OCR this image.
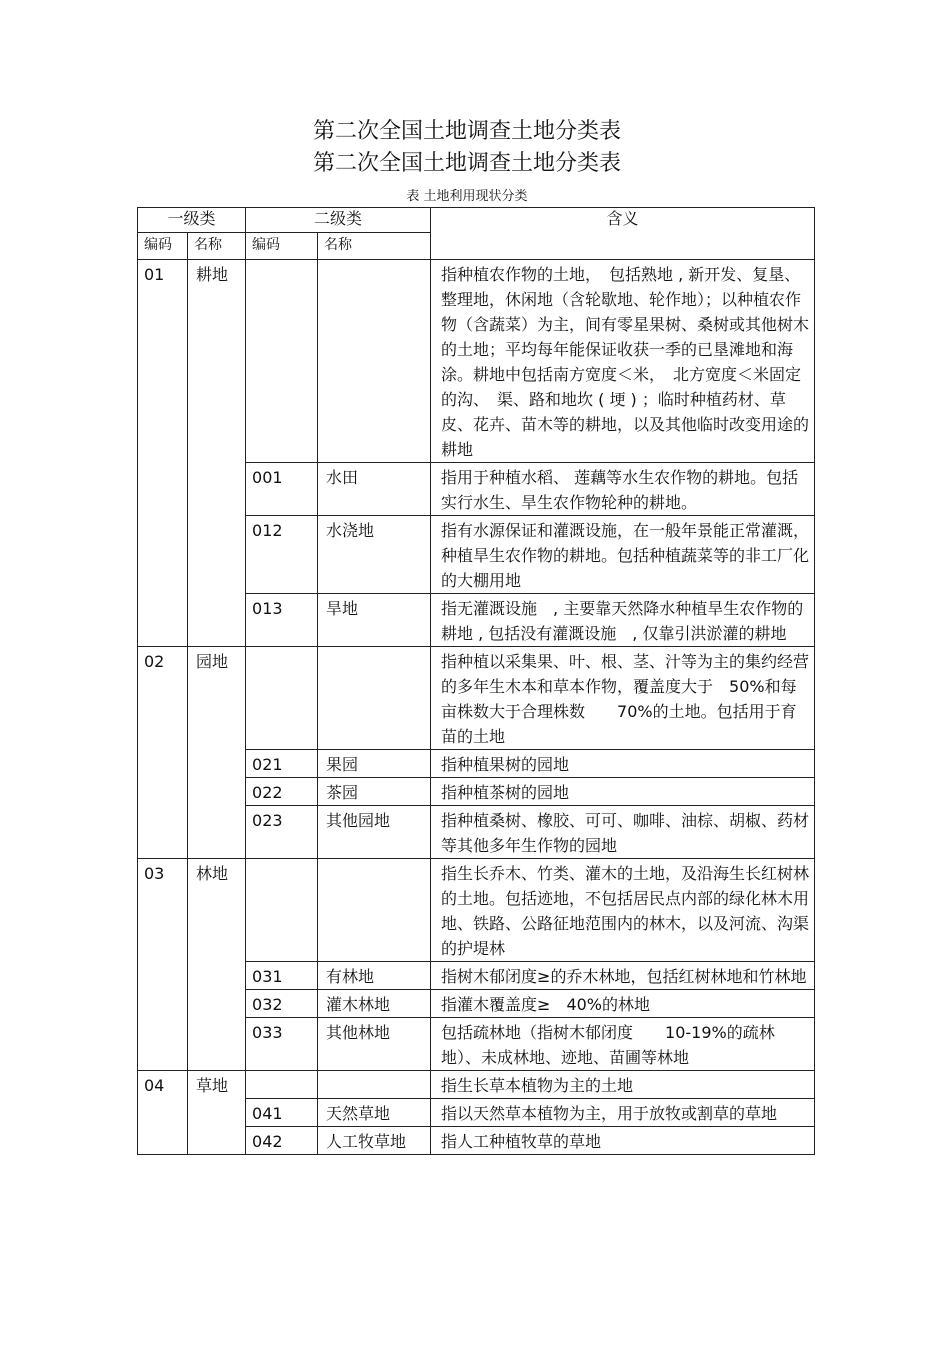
第二次全国土地调查土地分类表
第二次全国土地调查土地分类表
表 土地利用现状分类
一级类		二级类		含义
编码	名称	编码	名称	
01	耕地			指种植农作物的土地，　包括熟地 , 新开发、复垦、整理地，休闲地（含轮歇地、轮作地）；以种植农作物（含蔬菜）为主，间有零星果树、桑树或其他树木的土地；平均每年能保证收获一季的已垦滩地和海涂。耕地中包括南方宽度＜米，　北方宽度＜米固定的沟、　渠、路和地坎 ( 埂 ) ；临时种植药材、草皮、花卉、苗木等的耕地，以及其他临时改变用途的耕地
		001	水田	指用于种植水稻、 莲藕等水生农作物的耕地。包括实行水生、旱生农作物轮种的耕地。
		012	水浇地	指有水源保证和灌溉设施，在一般年景能正常灌溉，种植旱生农作物的耕地。包括种植蔬菜等的非工厂化的大棚用地
		013	旱地	指无灌溉设施　, 主要靠天然降水种植旱生农作物的耕地 , 包括没有灌溉设施　, 仅靠引洪淤灌的耕地
02	园地			指种植以采集果、叶、根、茎、汁等为主的集约经营的多年生木本和草本作物，覆盖度大于　50%和每亩株数大于合理株数　　70%的土地。包括用于育苗的土地
		021	果园	指种植果树的园地
		022	茶园	指种植茶树的园地
		023	其他园地	指种植桑树、橡胶、可可、咖啡、油棕、胡椒、药材等其他多年生作物的园地
03	林地			指生长乔木、竹类、灌木的土地，及沿海生长红树林的土地。包括迹地，不包括居民点内部的绿化林木用地、铁路、公路征地范围内的林木，以及河流、沟渠的护堤林
		031	有林地	指树木郁闭度≥的乔木林地，包括红树林地和竹林地
		032	灌木林地	指灌木覆盖度≥　40%的林地
		033	其他林地	包括疏林地（指树木郁闭度　　10-19%的疏林地）、未成林地、迹地、苗圃等林地
04	草地			指生长草本植物为主的土地
		041	天然草地	指以天然草本植物为主，用于放牧或割草的草地
		042	人工牧草地	指人工种植牧草的草地
